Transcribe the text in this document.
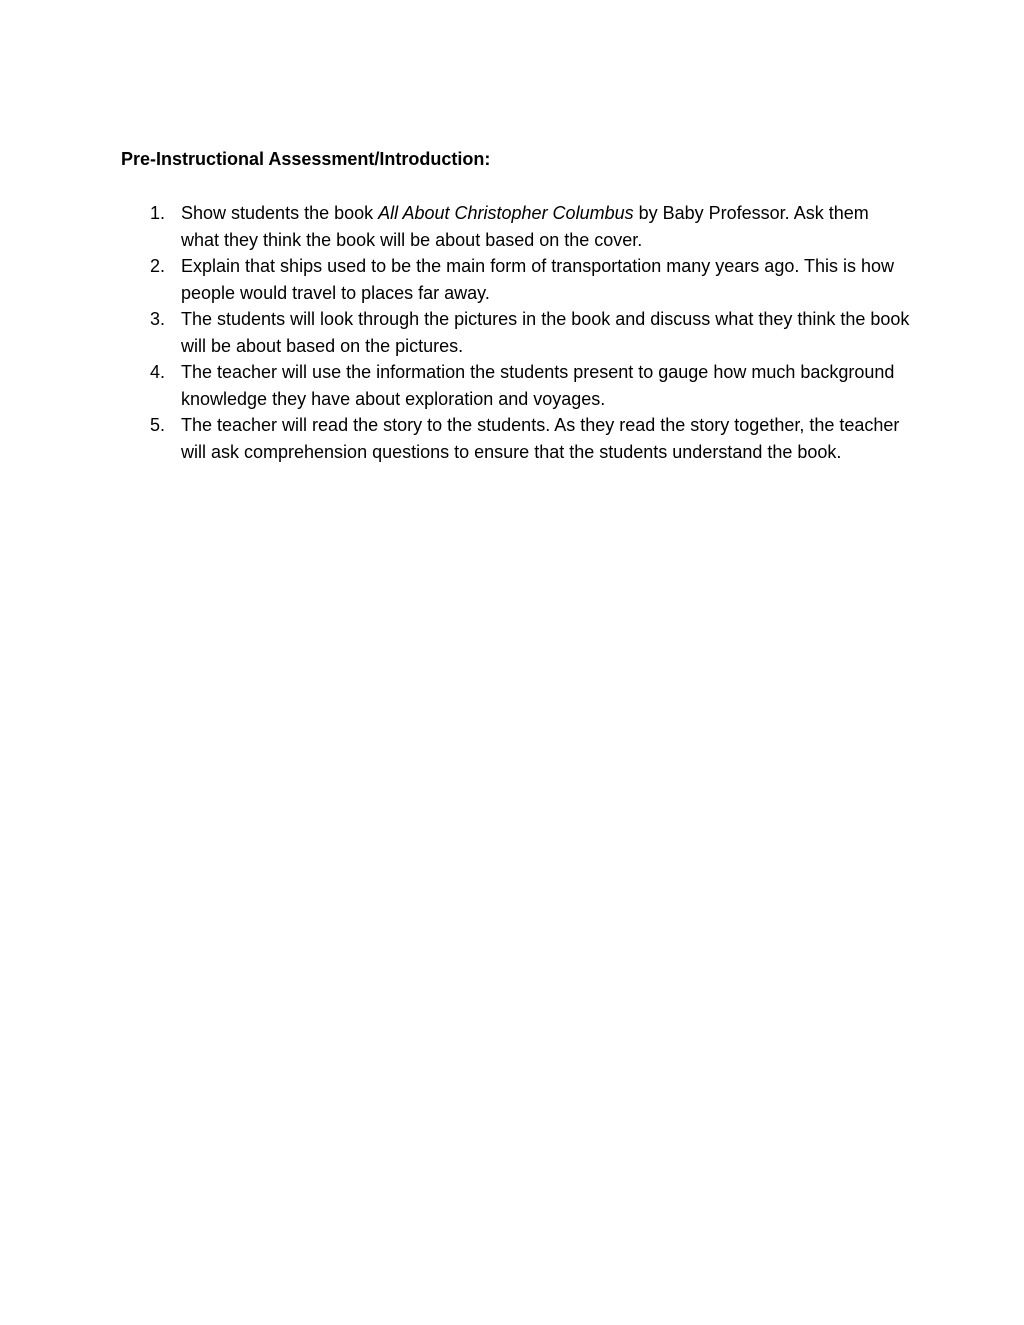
Pre-Instructional Assessment/Introduction:
1. Show students the book All About Christopher Columbus by Baby Professor. Ask them what they think the book will be about based on the cover.
2. Explain that ships used to be the main form of transportation many years ago. This is how people would travel to places far away.
3. The students will look through the pictures in the book and discuss what they think the book will be about based on the pictures.
4. The teacher will use the information the students present to gauge how much background knowledge they have about exploration and voyages.
5. The teacher will read the story to the students. As they read the story together, the teacher will ask comprehension questions to ensure that the students understand the book.
